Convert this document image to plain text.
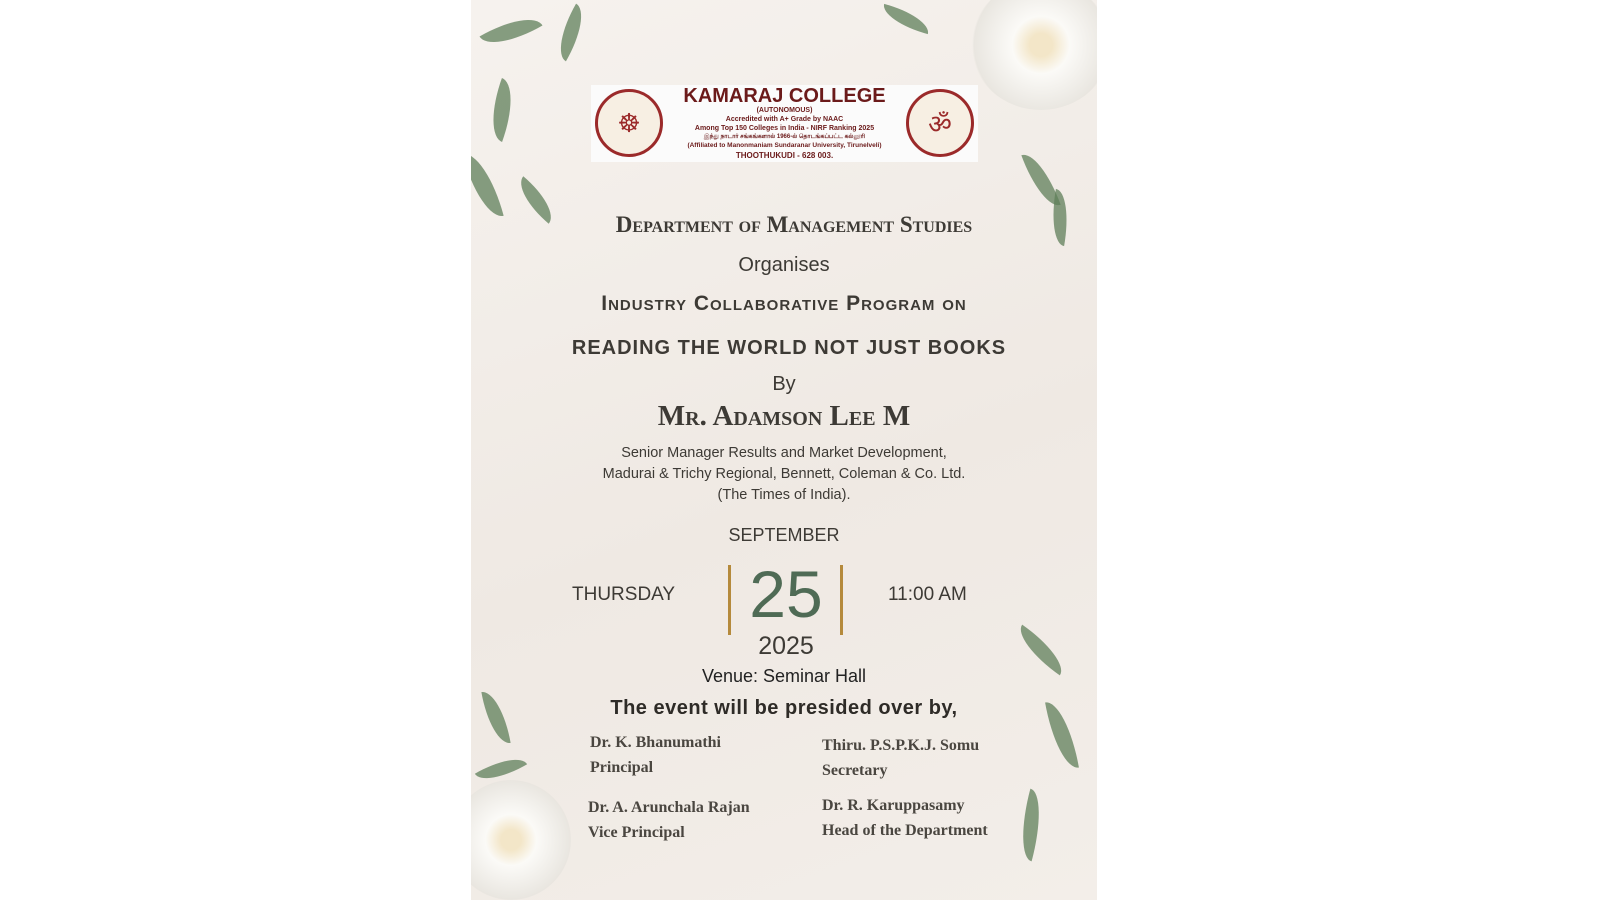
☸	ॐ
KAMARAJ COLLEGE
(AUTONOMOUS)
Accredited with A+ Grade by NAAC
Among Top 150 Colleges in India - NIRF Ranking 2025
இந்து நாடார் சங்கங்களால் 1966-ல் தொடங்கப்பட்ட கல்லூரி
(Affiliated to Manonmaniam Sundaranar University, Tirunelveli)
THOOTHUKUDI - 628 003.
Department of Management Studies
Organises
Industry Collaborative Program on
READING THE WORLD NOT JUST BOOKS
By
Mr. Adamson Lee M
Senior Manager Results and Market Development,
Madurai & Trichy Regional, Bennett, Coleman & Co. Ltd.
(The Times of India).
SEPTEMBER
THURSDAY 25	11:00 AM
2025
Venue: Seminar Hall
The event will be presided over by,
Dr. K. Bhanumathi
Principal
Thiru. P.S.P.K.J. Somu
Secretary
Dr. A. Arunchala Rajan
Vice Principal
Dr. R. Karuppasamy
Head of the Department
